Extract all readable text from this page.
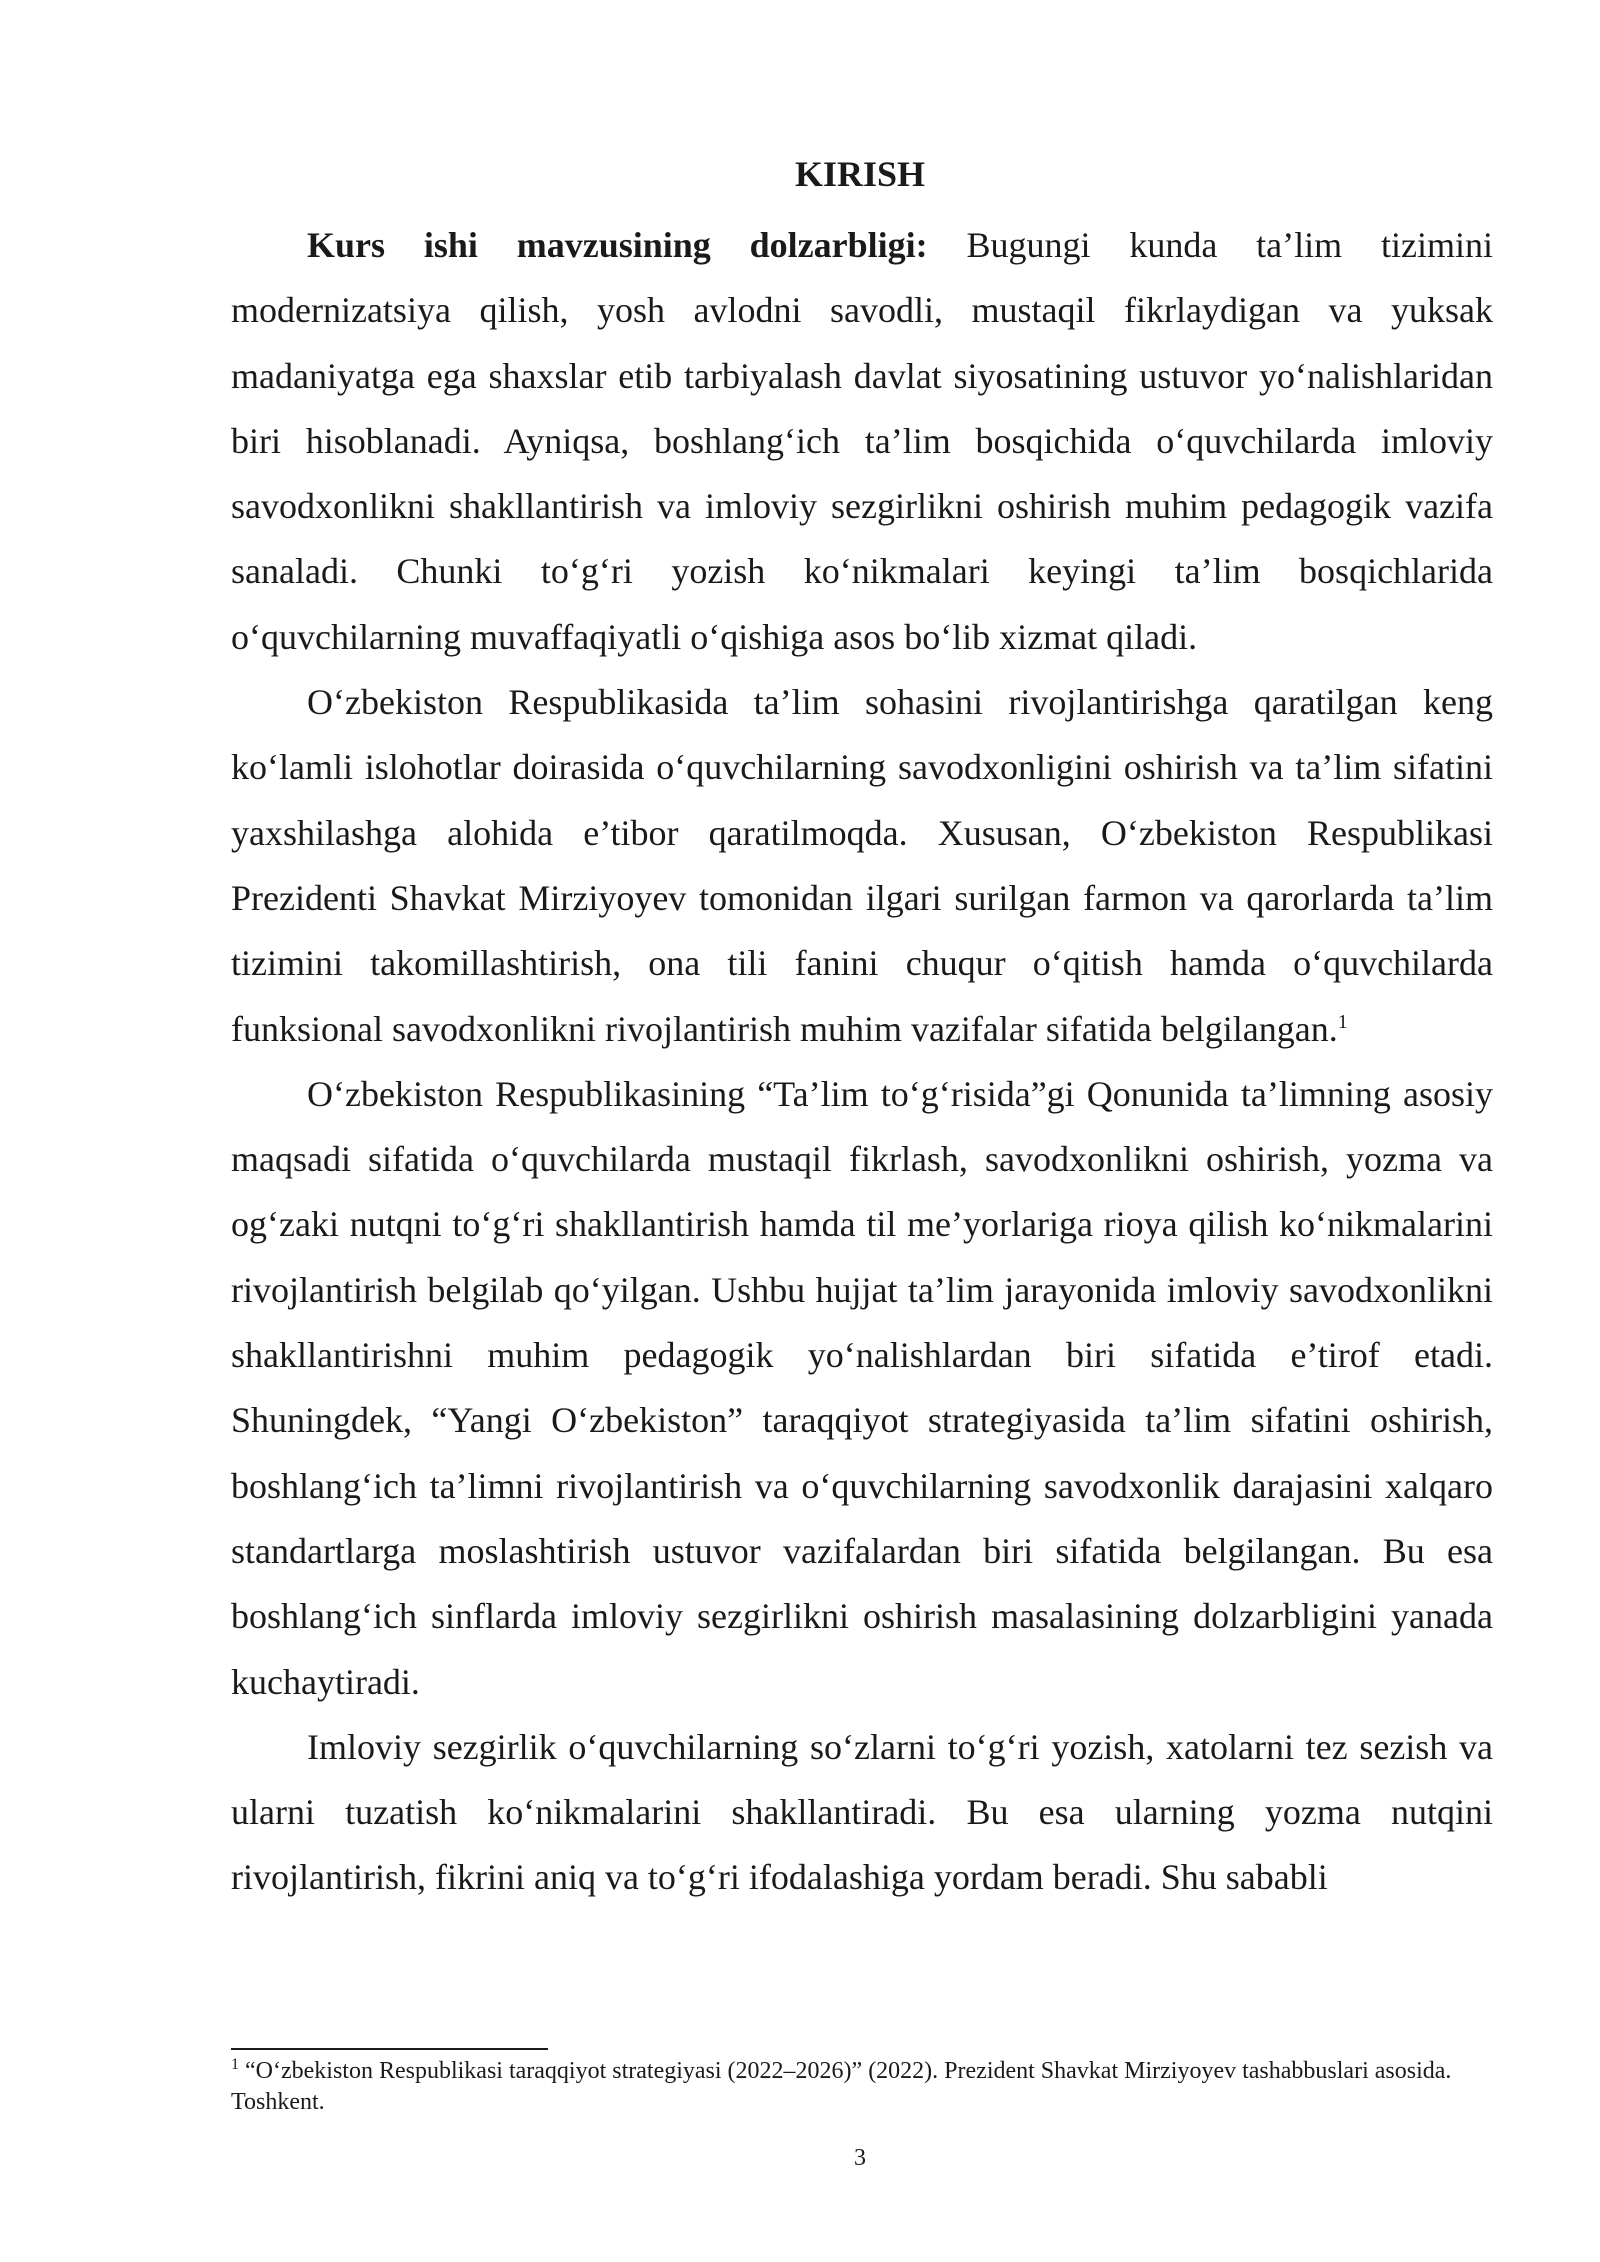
KIRISH

Kurs ishi mavzusining dolzarbligi: Bugungi kunda ta’lim tizimini modernizatsiya qilish, yosh avlodni savodli, mustaqil fikrlaydigan va yuksak madaniyatga ega shaxslar etib tarbiyalash davlat siyosatining ustuvor yo‘nalishlaridan biri hisoblanadi. Ayniqsa, boshlang‘ich ta’lim bosqichida o‘quvchilarda imloviy savodxonlikni shakllantirish va imloviy sezgirlikni oshirish muhim pedagogik vazifa sanaladi. Chunki to‘g‘ri yozish ko‘nikmalari keyingi ta’lim bosqichlarida o‘quvchilarning muvaffaqiyatli o‘qishiga asos bo‘lib xizmat qiladi.

O‘zbekiston Respublikasida ta’lim sohasini rivojlantirishga qaratilgan keng ko‘lamli islohotlar doirasida o‘quvchilarning savodxonligini oshirish va ta’lim sifatini yaxshilashga alohida e’tibor qaratilmoqda. Xususan, O‘zbekiston Respublikasi Prezidenti Shavkat Mirziyoyev tomonidan ilgari surilgan farmon va qarorlarda ta’lim tizimini takomillashtirish, ona tili fanini chuqur o‘qitish hamda o‘quvchilarda funksional savodxonlikni rivojlantirish muhim vazifalar sifatida belgilangan.$^1$

O‘zbekiston Respublikasining “Ta’lim to‘g‘risida”gi Qonunida ta’limning asosiy maqsadi sifatida o‘quvchilarda mustaqil fikrlash, savodxonlikni oshirish, yozma va og‘zaki nutqni to‘g‘ri shakllantirish hamda til me’yorlariga rioya qilish ko‘nikmalarini rivojlantirish belgilab qo‘yilgan. Ushbu hujjat ta’lim jarayonida imloviy savodxonlikni shakllantirishni muhim pedagogik yo‘nalishlardan biri sifatida e’tirof etadi. Shuningdek, “Yangi O‘zbekiston” taraqqiyot strategiyasida ta’lim sifatini oshirish, boshlang‘ich ta’limni rivojlantirish va o‘quvchilarning savodxonlik darajasini xalqaro standartlarga moslashtirish ustuvor vazifalardan biri sifatida belgilangan. Bu esa boshlang‘ich sinflarda imloviy sezgirlikni oshirish masalasining dolzarbligini yanada kuchaytiradi.

Imloviy sezgirlik o‘quvchilarning so‘zlarni to‘g‘ri yozish, xatolarni tez sezish va ularni tuzatish ko‘nikmalarini shakllantiradi. Bu esa ularning yozma nutqini rivojlantirish, fikrini aniq va to‘g‘ri ifodalashiga yordam beradi. Shu sababli

$^1$ “O‘zbekiston Respublikasi taraqqiyot strategiyasi (2022–2026)” (2022). Prezident Shavkat Mirziyoyev tashabbuslari asosida. Toshkent.

3
